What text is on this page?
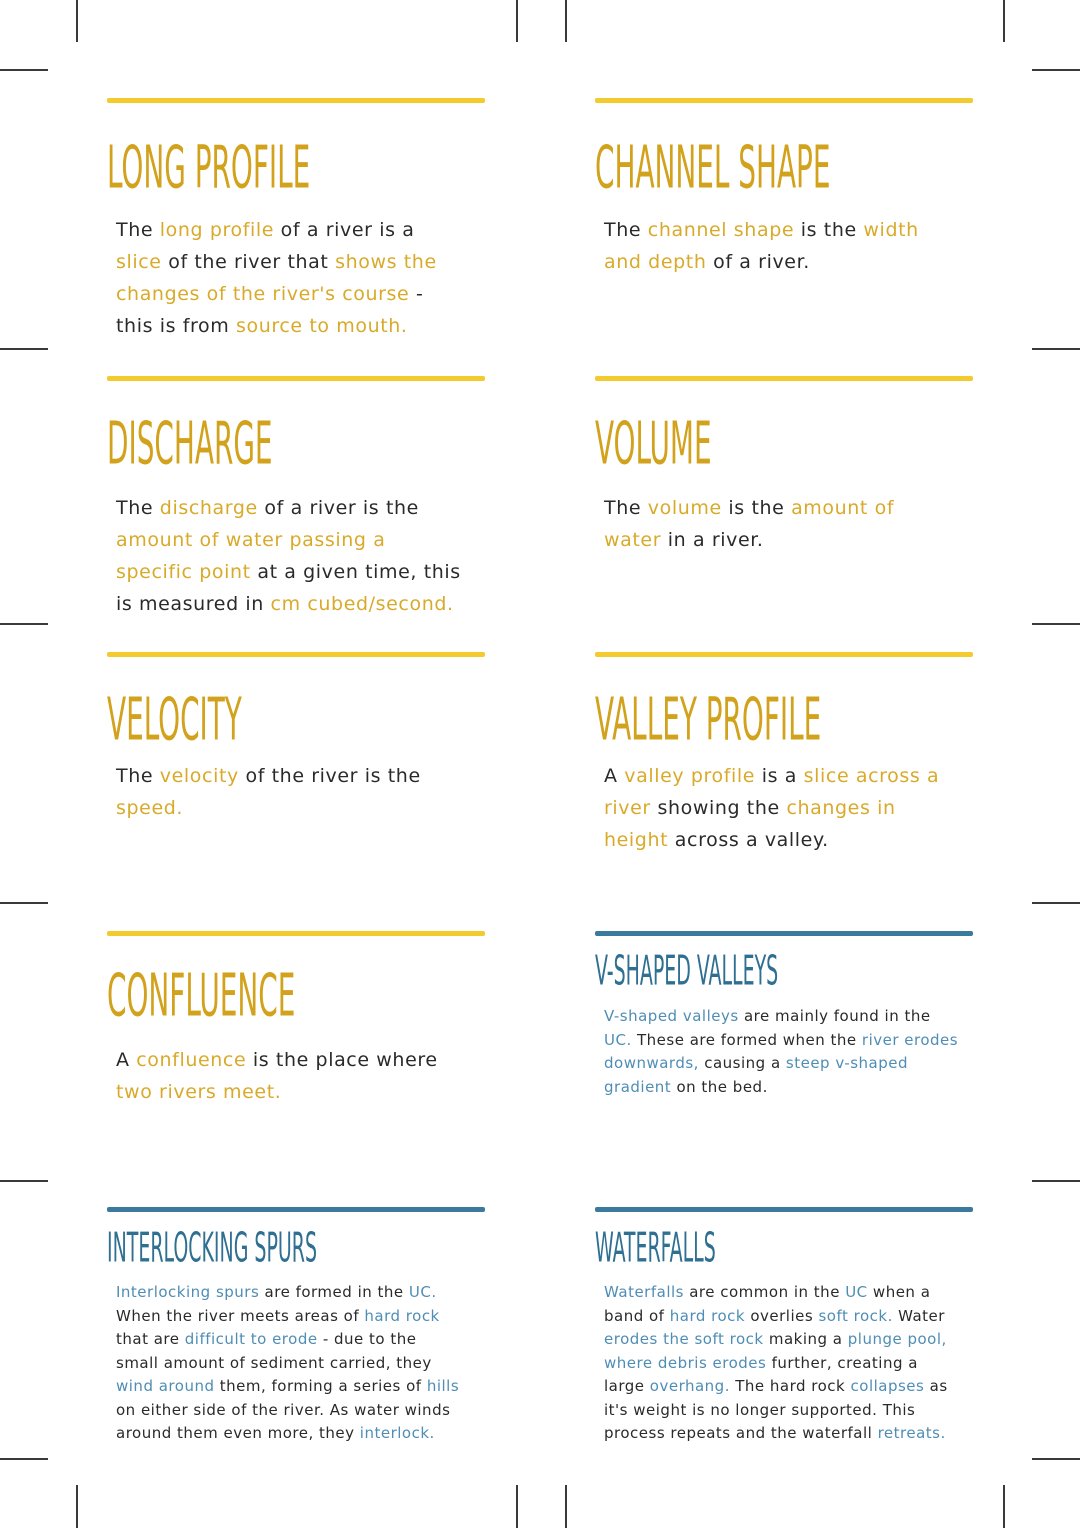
LONG PROFILE
The long profile of a river is a
slice of the river that shows the
changes of the river's course -
this is from source to mouth.
CHANNEL SHAPE
The channel shape is the width
and depth of a river.
DISCHARGE
The discharge of a river is the
amount of water passing a
specific point at a given time, this
is measured in cm cubed/second.
VOLUME
The volume is the amount of
water in a river.
VELOCITY
The velocity of the river is the
speed.
VALLEY PROFILE
A valley profile is a slice across a
river showing the changes in
height across a valley.
CONFLUENCE
A confluence is the place where
two rivers meet.
V-SHAPED VALLEYS
V-shaped valleys are mainly found in the
UC. These are formed when the river erodes
downwards, causing a steep v-shaped
gradient on the bed.
INTERLOCKING SPURS
Interlocking spurs are formed in the UC.
When the river meets areas of hard rock
that are difficult to erode - due to the
small amount of sediment carried, they
wind around them, forming a series of hills
on either side of the river. As water winds
around them even more, they interlock.
WATERFALLS
Waterfalls are common in the UC when a
band of hard rock overlies soft rock. Water
erodes the soft rock making a plunge pool,
where debris erodes further, creating a
large overhang. The hard rock collapses as
it's weight is no longer supported. This
process repeats and the waterfall retreats.
